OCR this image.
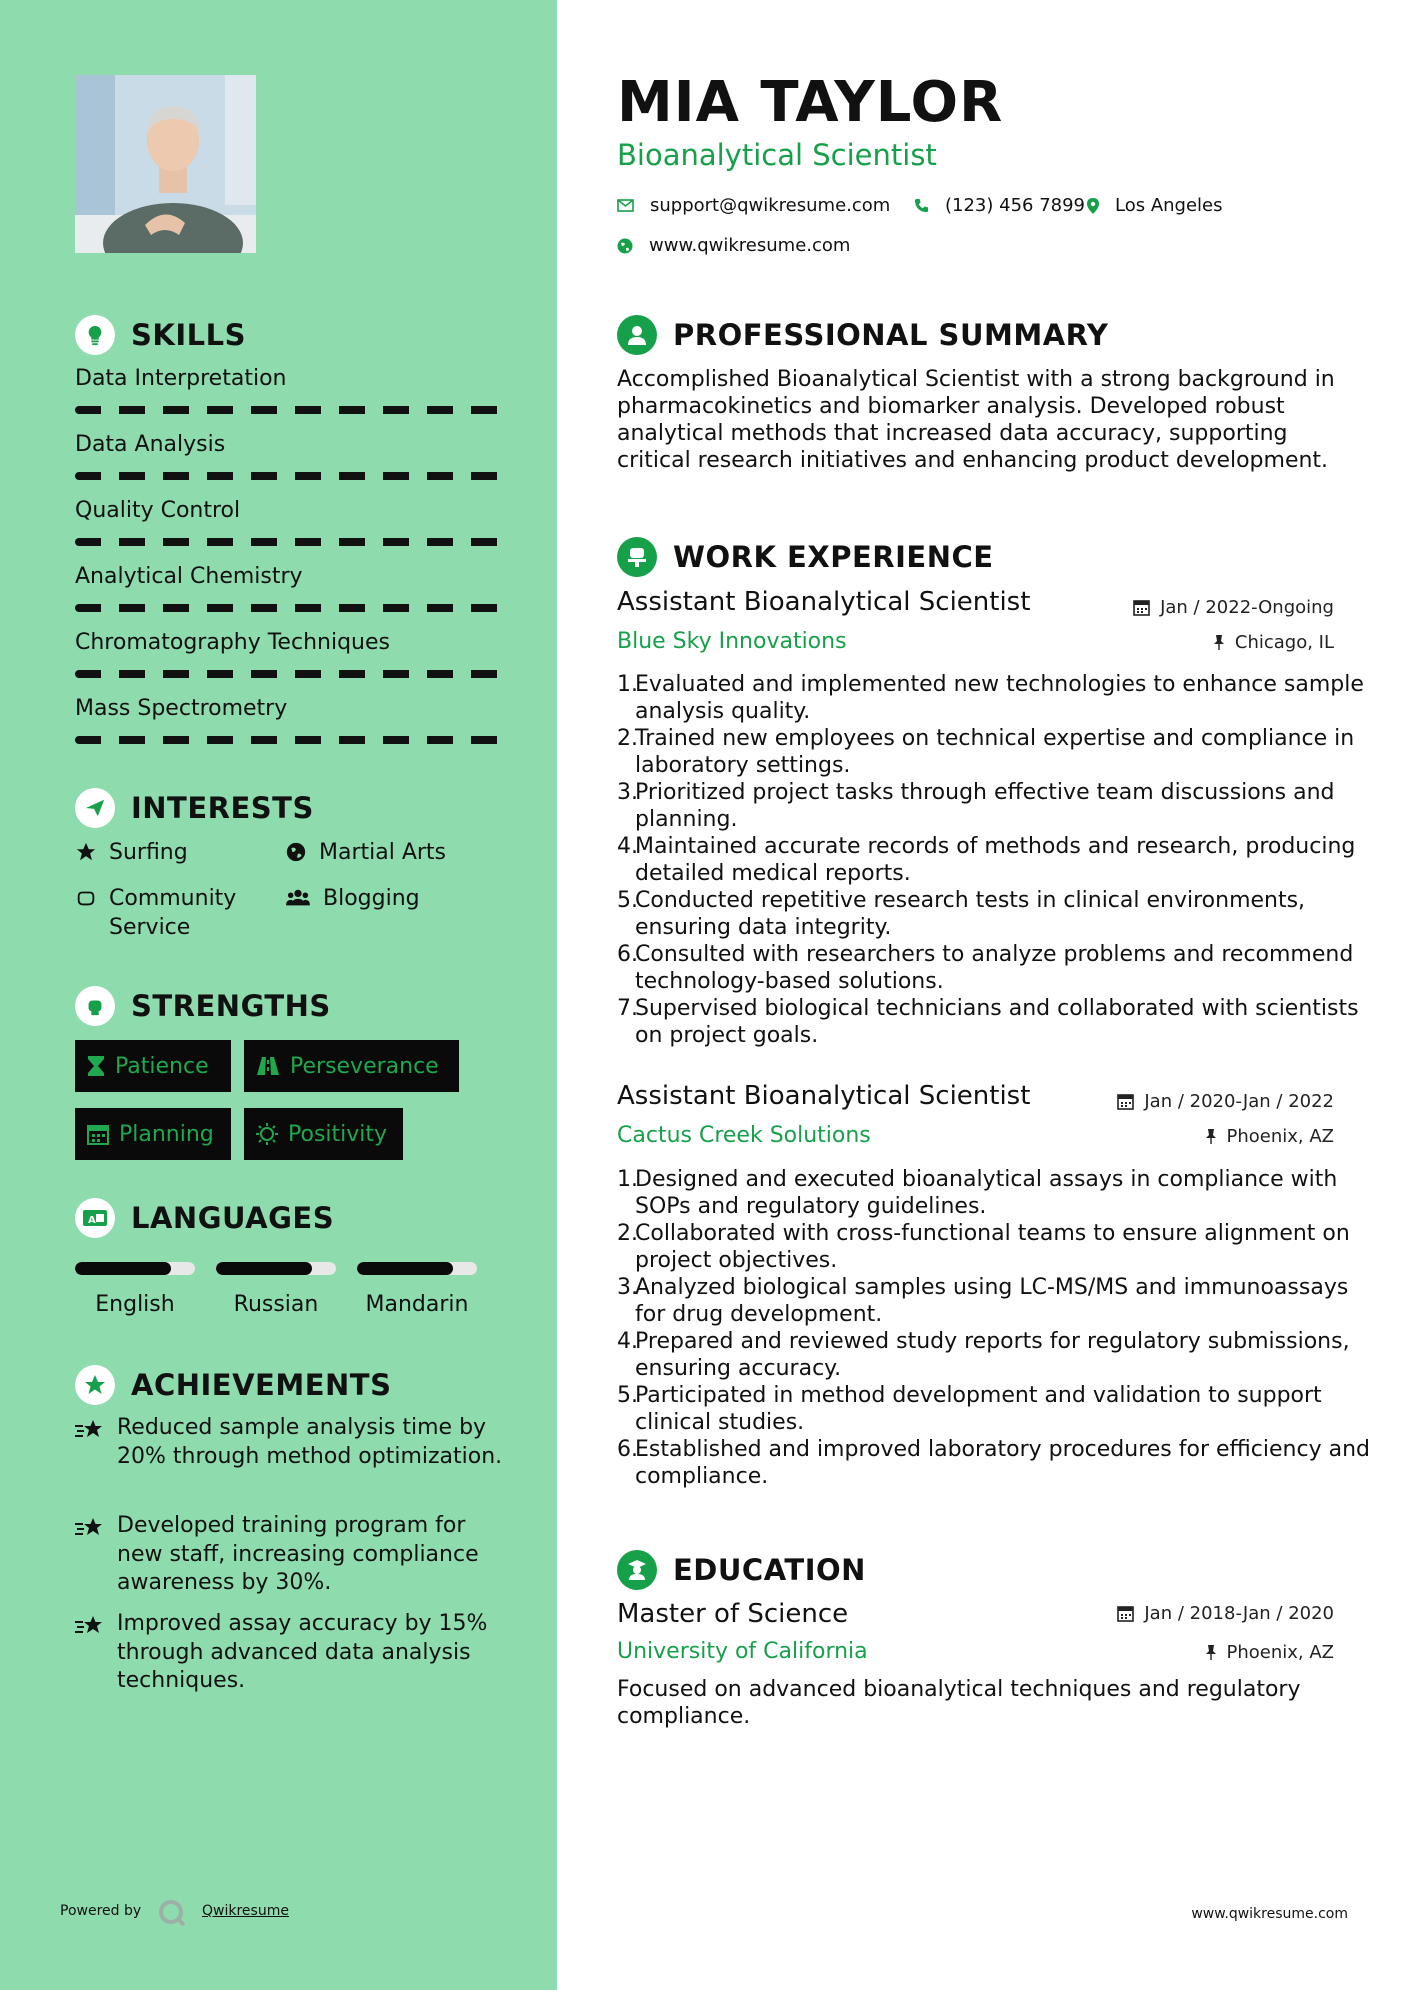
SKILLS
Data Interpretation
Data Analysis
Quality Control
Analytical Chemistry
Chromatography Techniques
Mass Spectrometry
INTERESTS
Surfing	Martial Arts
Community Service
Blogging
STRENGTHS
Patience	Perseverance
Planning	Positivity
A LANGUAGES
English	Russian	Mandarin
ACHIEVEMENTS
Reduced sample analysis time by 20% through method optimization.
Developed training program for new staff, increasing compliance awareness by 30%.
Improved assay accuracy by 15% through advanced data analysis techniques.
Powered by	Qwikresume
MIA TAYLOR
Bioanalytical Scientist
support@qwikresume.com	(123) 456 7899 Los Angeles
www.qwikresume.com
PROFESSIONAL SUMMARY
Accomplished Bioanalytical Scientist with a strong background in pharmacokinetics and biomarker analysis. Developed robust analytical methods that increased data accuracy, supporting critical research initiatives and enhancing product development.
WORK EXPERIENCE
Assistant Bioanalytical Scientist	Jan / 2022-Ongoing
Blue Sky Innovations	Chicago, IL
1.
Evaluated and implemented new technologies to enhance sample analysis quality.
2.
Trained new employees on technical expertise and compliance in laboratory settings.
3.
Prioritized project tasks through effective team discussions and planning.
4.
Maintained accurate records of methods and research, producing detailed medical reports.
5.
Conducted repetitive research tests in clinical environments, ensuring data integrity.
6.
Consulted with researchers to analyze problems and recommend technology-based solutions.
7.
Supervised biological technicians and collaborated with scientists on project goals.
Assistant Bioanalytical Scientist	Jan / 2020-Jan / 2022
Cactus Creek Solutions	Phoenix, AZ
1.
Designed and executed bioanalytical assays in compliance with SOPs and regulatory guidelines.
2.
Collaborated with cross-functional teams to ensure alignment on project objectives.
3.
Analyzed biological samples using LC-MS/MS and immunoassays for drug development.
4.
Prepared and reviewed study reports for regulatory submissions, ensuring accuracy.
5.
Participated in method development and validation to support clinical studies.
6.
Established and improved laboratory procedures for efficiency and compliance.
EDUCATION
Master of Science	Jan / 2018-Jan / 2020
University of California	Phoenix, AZ
Focused on advanced bioanalytical techniques and regulatory compliance.
www.qwikresume.com
